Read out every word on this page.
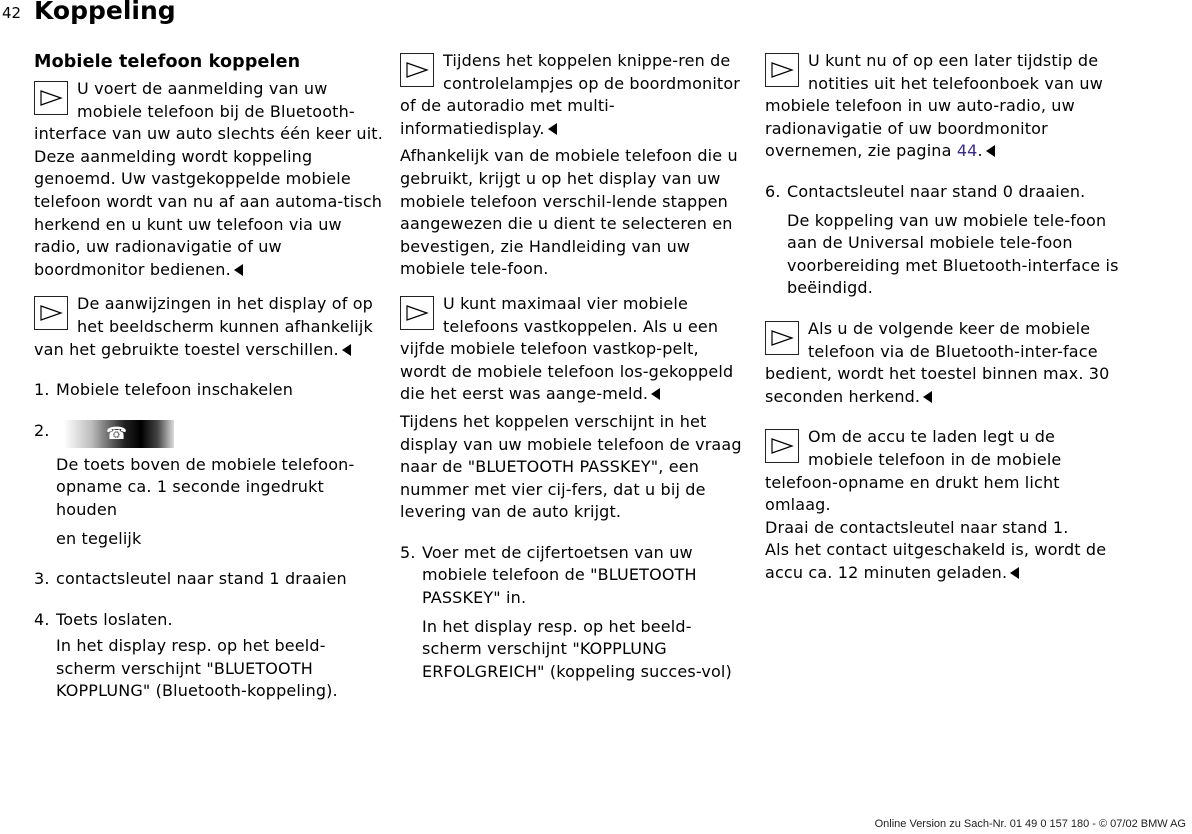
42 Koppeling
Mobiele telefoon koppelen
U voert de aanmelding van uw mobiele telefoon bij de Bluetooth-interface van uw auto slechts één keer uit. Deze aanmelding wordt koppeling genoemd. Uw vastgekoppelde mobiele telefoon wordt van nu af aan automa-tisch herkend en u kunt uw telefoon via uw radio, uw radionavigatie of uw boordmonitor bedienen.
De aanwijzingen in het display of op het beeldscherm kunnen afhankelijk van het gebruikte toestel verschillen.
1. Mobiele telefoon inschakelen
2.	☎
De toets boven de mobiele telefoon-opname ca. 1 seconde ingedrukt houden
en tegelijk
3. contactsleutel naar stand 1 draaien
4. Toets loslaten.
In het display resp. op het beeld-scherm verschijnt "BLUETOOTH KOPPLUNG" (Bluetooth-koppeling).
Tijdens het koppelen knippe-ren de controlelampjes op de boordmonitor of de autoradio met multi-informatiedisplay.
Afhankelijk van de mobiele telefoon die u gebruikt, krijgt u op het display van uw mobiele telefoon verschil-lende stappen aangewezen die u dient te selecteren en bevestigen, zie Handleiding van uw mobiele tele-foon.
U kunt maximaal vier mobiele telefoons vastkoppelen. Als u een vijfde mobiele telefoon vastkop-pelt, wordt de mobiele telefoon los-gekoppeld die het eerst was aange-meld.
Tijdens het koppelen verschijnt in het display van uw mobiele telefoon de vraag naar de "BLUETOOTH PASSKEY", een nummer met vier cij-fers, dat u bij de levering van de auto krijgt.
5. Voer met de cijfertoetsen van uw mobiele telefoon de "BLUETOOTH PASSKEY" in.
In het display resp. op het beeld-scherm verschijnt "KOPPLUNG ERFOLGREICH" (koppeling succes-vol)
U kunt nu of op een later tijdstip de notities uit het telefoonboek van uw mobiele telefoon in uw auto-radio, uw radionavigatie of uw boordmonitor overnemen, zie pagina 44.
6. Contactsleutel naar stand 0 draaien.
De koppeling van uw mobiele tele-foon aan de Universal mobiele tele-foon voorbereiding met Bluetooth-interface is beëindigd.
Als u de volgende keer de mobiele telefoon via de Bluetooth-inter-face bedient, wordt het toestel binnen max. 30 seconden herkend.
Om de accu te laden legt u de mobiele telefoon in de mobiele telefoon-opname en drukt hem licht omlaag.
Draai de contactsleutel naar stand 1.
Als het contact uitgeschakeld is, wordt de accu ca. 12 minuten geladen.
Online Version zu Sach-Nr. 01 49 0 157 180 - © 07/02 BMW AG
